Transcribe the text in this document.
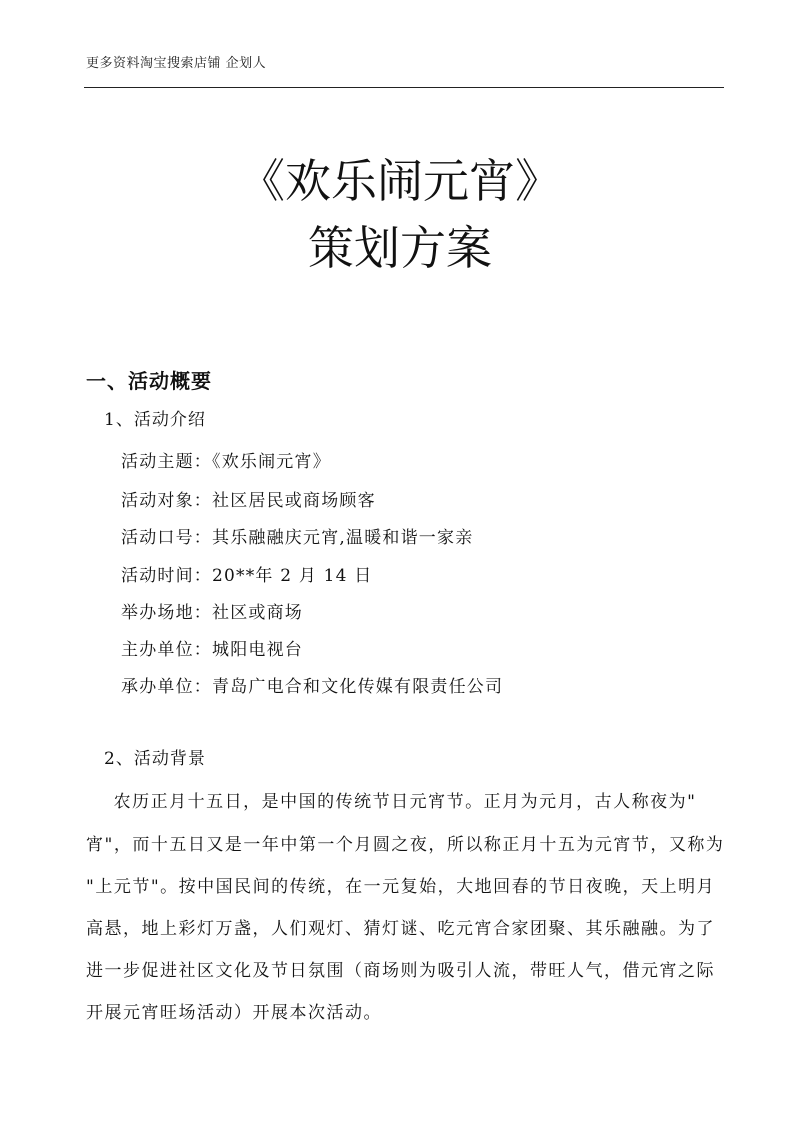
更多资料淘宝搜索店铺 企划人
《欢乐闹元宵》
策划方案
一、活动概要
1、活动介绍
活动主题：《欢乐闹元宵》
活动对象：社区居民或商场顾客
活动口号：其乐融融庆元宵,温暖和谐一家亲
活动时间：20**年 2 月 14 日
举办场地：社区或商场
主办单位：城阳电视台
承办单位：青岛广电合和文化传媒有限责任公司
2、活动背景
农历正月十五日，是中国的传统节日元宵节。正月为元月，古人称夜为"
宵"，而十五日又是一年中第一个月圆之夜，所以称正月十五为元宵节，又称为
"上元节"。按中国民间的传统，在一元复始，大地回春的节日夜晚，天上明月
高悬，地上彩灯万盏，人们观灯、猜灯谜、吃元宵合家团聚、其乐融融。为了
进一步促进社区文化及节日氛围（商场则为吸引人流，带旺人气，借元宵之际
开展元宵旺场活动）开展本次活动。
